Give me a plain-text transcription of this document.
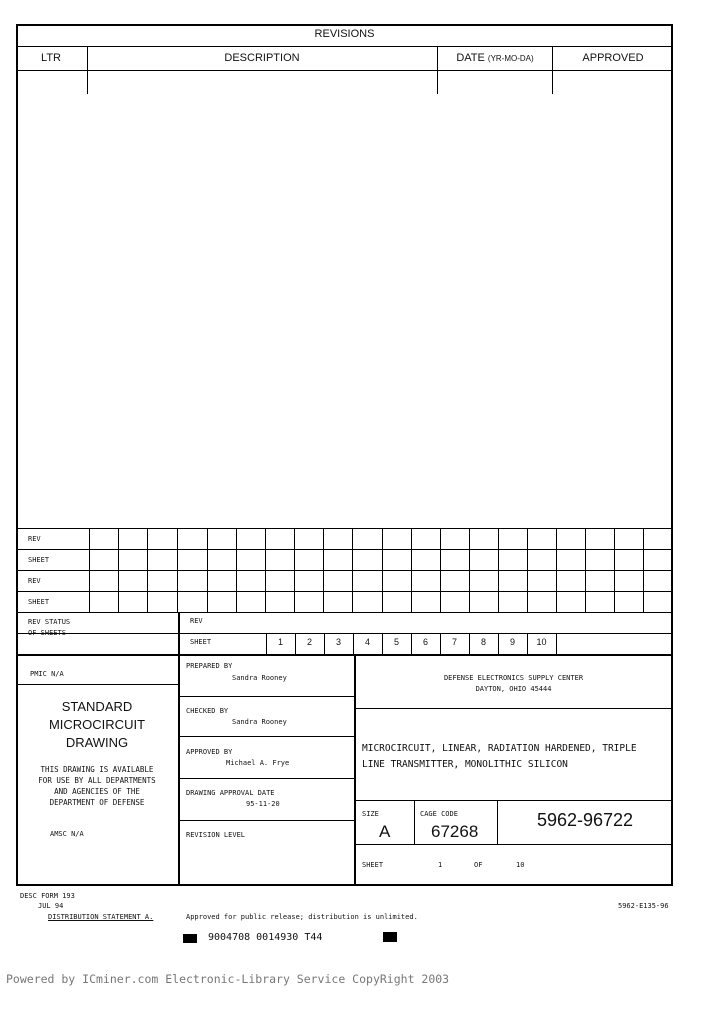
REVISIONS
LTR	DESCRIPTION	DATE (YR-MO-DA)	APPROVED
REV
SHEET
REV
SHEET
REV STATUS
OF SHEETS
REV
SHEET	1	2	3	4	5	6	7	8	9	10
PMIC N/A
STANDARD
MICROCIRCUIT
DRAWING
THIS DRAWING IS AVAILABLE
FOR USE BY ALL DEPARTMENTS
AND AGENCIES OF THE
DEPARTMENT OF DEFENSE
AMSC N/A
PREPARED BY
Sandra Rooney
CHECKED BY
Sandra Rooney
APPROVED BY
Michael A. Frye
DRAWING APPROVAL DATE
95-11-20
REVISION LEVEL
DEFENSE ELECTRONICS SUPPLY CENTER
DAYTON, OHIO 45444
MICROCIRCUIT, LINEAR, RADIATION HARDENED, TRIPLE
LINE TRANSMITTER, MONOLITHIC SILICON
SIZE
A
CAGE CODE
67268
5962-96722
SHEET	1	OF	10
DESC FORM 193
JUL 94
DISTRIBUTION STATEMENT A.	Approved for public release; distribution is unlimited.
5962-E135-96
9004708 0014930 T44
Powered by ICminer.com Electronic-Library Service CopyRight 2003
